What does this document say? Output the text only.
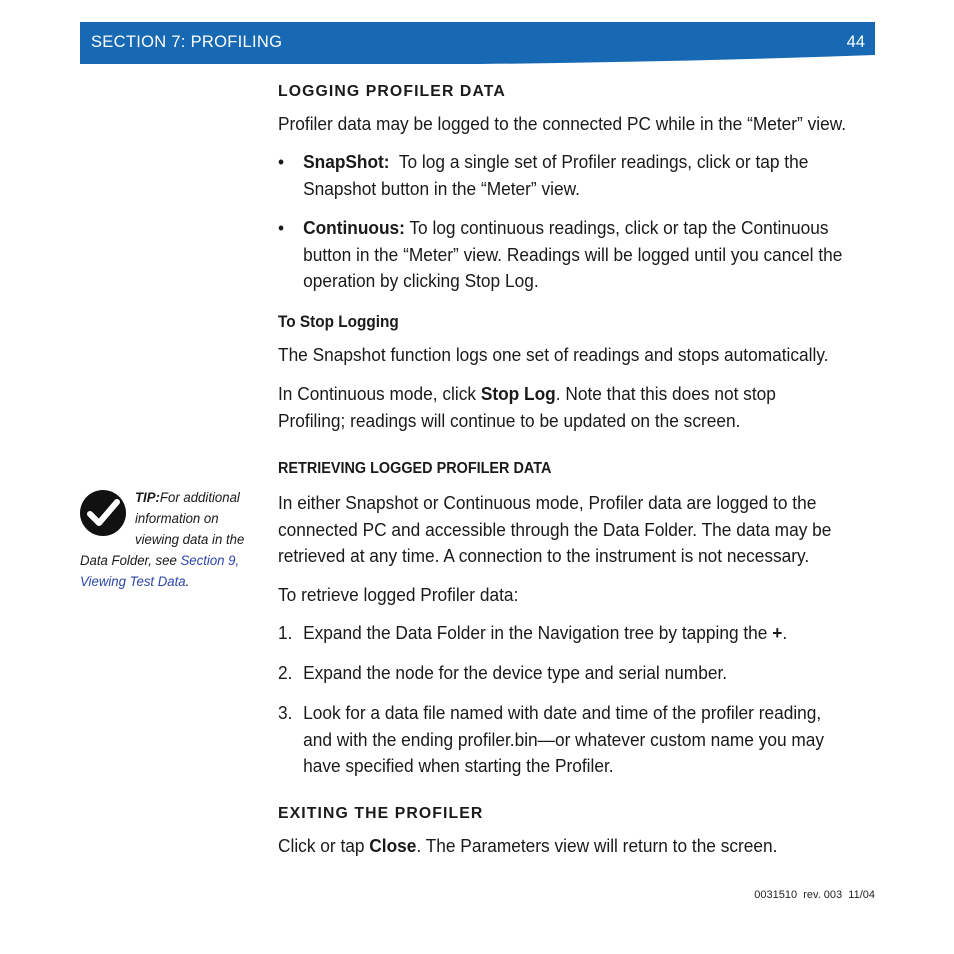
SECTION 7: PROFILING	44
LOGGING PROFILER DATA

Profiler data may be logged to the connected PC while in the “Meter” view.

• SnapShot:  To log a single set of Profiler readings, click or tap the
Snapshot button in the “Meter” view.

• Continuous: To log continuous readings, click or tap the Continuous
button in the “Meter” view. Readings will be logged until you cancel the
operation by clicking Stop Log.

To Stop Logging

The Snapshot function logs one set of readings and stops automatically.

In Continuous mode, click Stop Log. Note that this does not stop
Profiling; readings will continue to be updated on the screen.

RETRIEVING LOGGED PROFILER DATA

In either Snapshot or Continuous mode, Profiler data are logged to the
connected PC and accessible through the Data Folder. The data may be
retrieved at any time. A connection to the instrument is not necessary.

To retrieve logged Profiler data:

1. Expand the Data Folder in the Navigation tree by tapping the +.

2. Expand the node for the device type and serial number.

3. Look for a data file named with date and time of the profiler reading,
and with the ending profiler.bin—or whatever custom name you may
have specified when starting the Profiler.

EXITING THE PROFILER

Click or tap Close. The Parameters view will return to the screen.

TIP:For additional
information on
viewing data in the
Data Folder, see Section 9,
Viewing Test Data.
0031510  rev. 003  11/04
